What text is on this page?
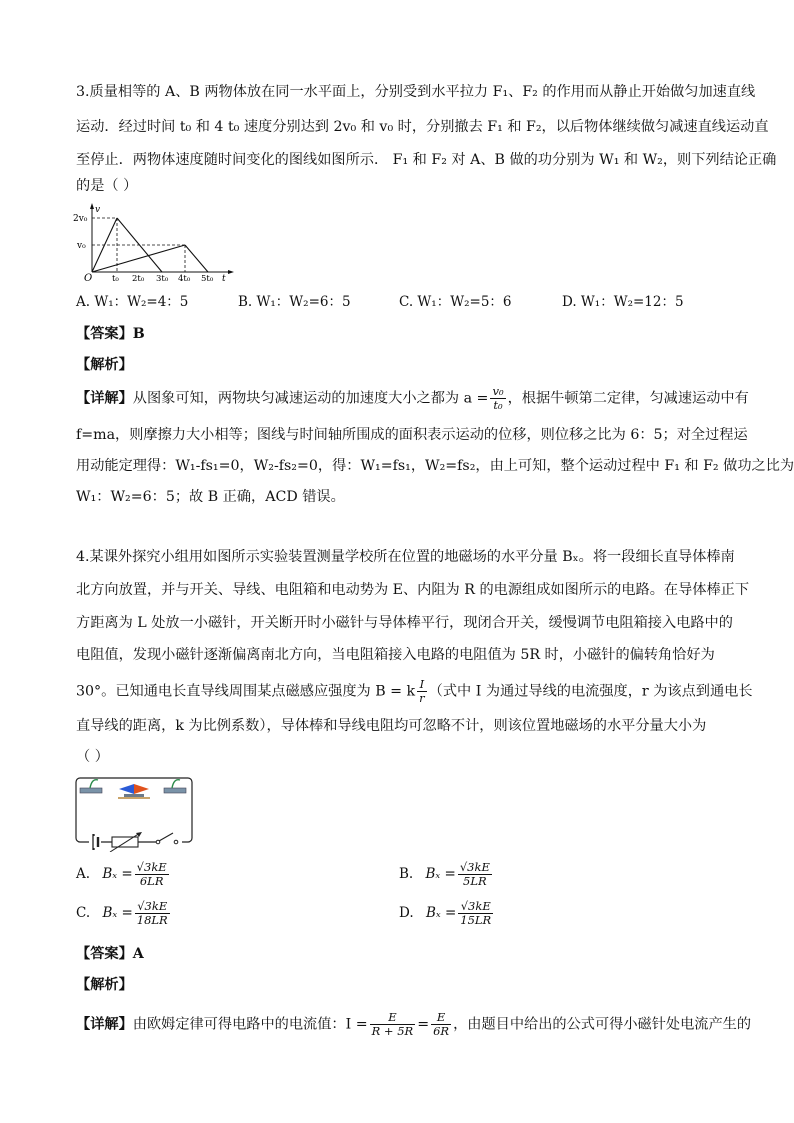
3.质量相等的 A、B 两物体放在同一水平面上，分别受到水平拉力 F₁、F₂ 的作用而从静止开始做匀加速直线
运动．经过时间 t₀ 和 4 t₀ 速度分别达到 2v₀ 和 v₀ 时，分别撤去 F₁ 和 F₂，以后物体继续做匀减速直线运动直
至停止．两物体速度随时间变化的图线如图所示． F₁ 和 F₂ 对 A、B 做的功分别为 W₁ 和 W₂，则下列结论正确
的是（ ）
v
2v₀
v₀
O t₀ 2t₀ 3t₀ 4t₀ 5t₀ t
A. W₁：W₂=4：5	B. W₁：W₂=6：5	C. W₁：W₂=5：6	D. W₁：W₂=12：5
【答案】B
【解析】
【详解】从图象可知，两物块匀减速运动的加速度大小之都为 $a = \frac{\text{v₀}}{\text{t₀}}$ ，根据牛顿第二定律，匀减速运动中有
f=ma，则摩擦力大小相等；图线与时间轴所围成的面积表示运动的位移，则位移之比为 6：5；对全过程运
用动能定理得：W₁-fs₁=0，W₂-fs₂=0，得：W₁=fs₁，W₂=fs₂，由上可知，整个运动过程中 F₁ 和 F₂ 做功之比为
W₁：W₂=6：5；故 B 正确，ACD 错误。
4.某课外探究小组用如图所示实验装置测量学校所在位置的地磁场的水平分量 Bₓ。将一段细长直导体棒南
北方向放置，并与开关、导线、电阻箱和电动势为 E、内阻为 R 的电源组成如图所示的电路。在导体棒正下
方距离为 L 处放一小磁针，开关断开时小磁针与导体棒平行，现闭合开关，缓慢调节电阻箱接入电路中的
电阻值，发现小磁针逐渐偏离南北方向，当电阻箱接入电路的电阻值为 5R 时，小磁针的偏转角恰好为
30°。已知通电长直导线周围某点磁感应强度为 B = k $\frac{I}{r}$ （式中 I 为通过导线的电流强度，r 为该点到通电长
直导线的距离，k 为比例系数），导体棒和导线电阻均可忽略不计，则该位置地磁场的水平分量大小为
（ ）
A. $B_x = \frac{√3kE}{6LR}$	B. $B_x = \frac{√3kE}{5LR}$
C. $B_x = \frac{√3kE}{18LR}$	D. $B_x = \frac{√3kE}{15LR}$
【答案】A
【解析】
【详解】由欧姆定律可得电路中的电流值：$I = \frac{E}{R + 5R} = \frac{E}{6R}$ ，由题目中给出的公式可得小磁针处电流产生的
